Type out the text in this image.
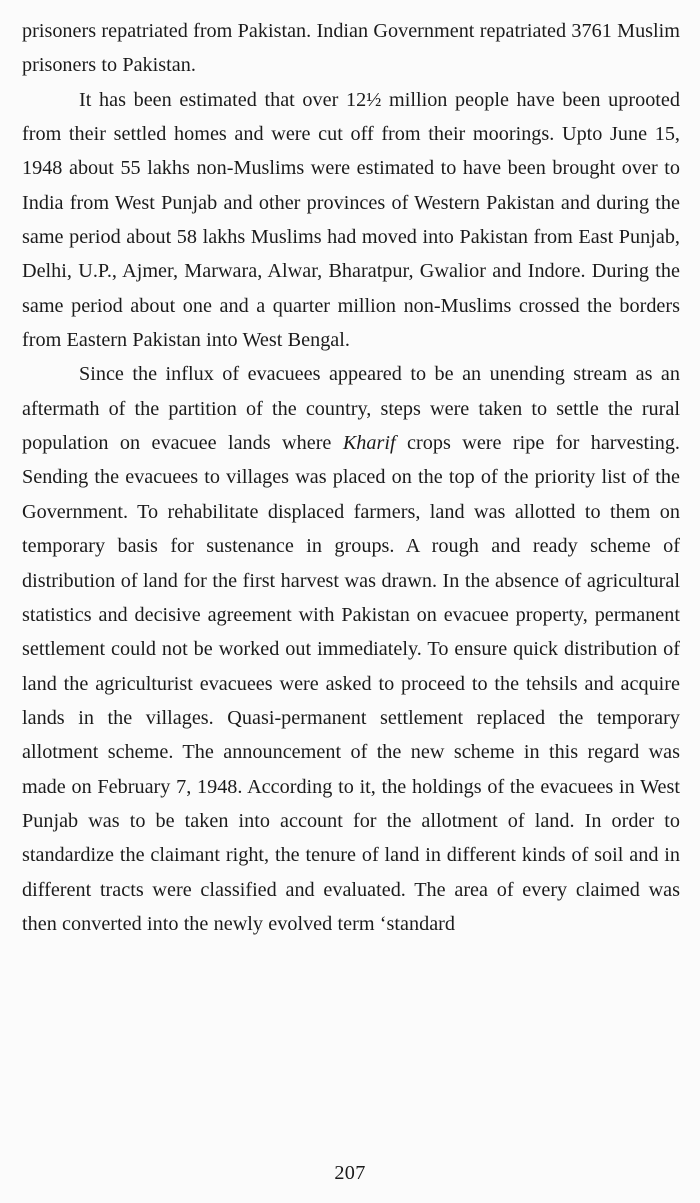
prisoners repatriated from Pakistan. Indian Government repatriated 3761 Muslim prisoners to Pakistan.

It has been estimated that over 12½ million people have been uprooted from their settled homes and were cut off from their moorings. Upto June 15, 1948 about 55 lakhs non-Muslims were estimated to have been brought over to India from West Punjab and other provinces of Western Pakistan and during the same period about 58 lakhs Muslims had moved into Pakistan from East Punjab, Delhi, U.P., Ajmer, Marwara, Alwar, Bharatpur, Gwalior and Indore. During the same period about one and a quarter million non-Muslims crossed the borders from Eastern Pakistan into West Bengal.

Since the influx of evacuees appeared to be an unending stream as an aftermath of the partition of the country, steps were taken to settle the rural population on evacuee lands where Kharif crops were ripe for harvesting. Sending the evacuees to villages was placed on the top of the priority list of the Government. To rehabilitate displaced farmers, land was allotted to them on temporary basis for sustenance in groups. A rough and ready scheme of distribution of land for the first harvest was drawn. In the absence of agricultural statistics and decisive agreement with Pakistan on evacuee property, permanent settlement could not be worked out immediately. To ensure quick distribution of land the agriculturist evacuees were asked to proceed to the tehsils and acquire lands in the villages. Quasi-permanent settlement replaced the temporary allotment scheme. The announcement of the new scheme in this regard was made on February 7, 1948. According to it, the holdings of the evacuees in West Punjab was to be taken into account for the allotment of land. In order to standardize the claimant right, the tenure of land in different kinds of soil and in different tracts were classified and evaluated. The area of every claimed was then converted into the newly evolved term ‘standard

207
